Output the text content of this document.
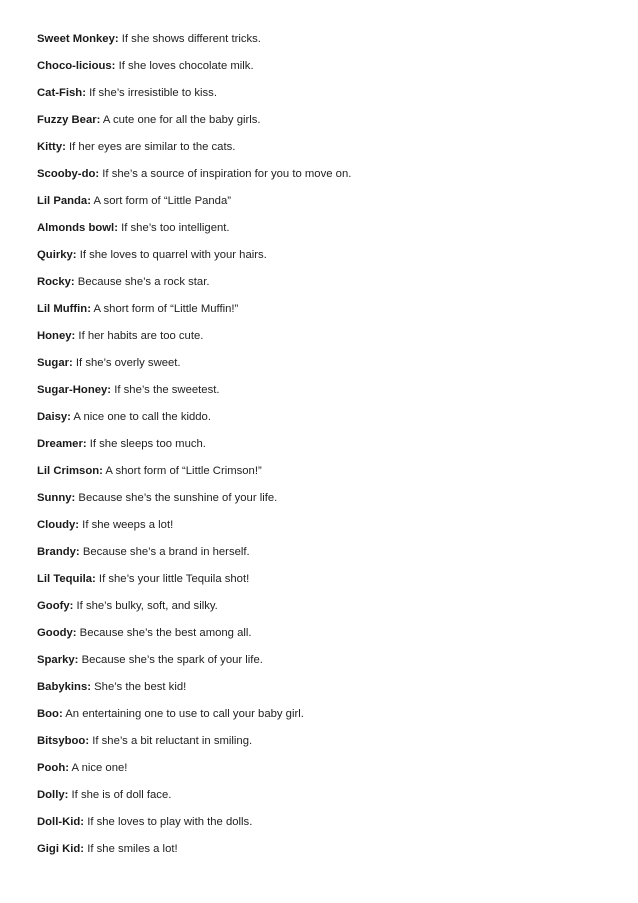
Sweet Monkey: If she shows different tricks.
Choco-licious: If she loves chocolate milk.
Cat-Fish: If she’s irresistible to kiss.
Fuzzy Bear: A cute one for all the baby girls.
Kitty: If her eyes are similar to the cats.
Scooby-do: If she’s a source of inspiration for you to move on.
Lil Panda: A sort form of “Little Panda”
Almonds bowl: If she’s too intelligent.
Quirky: If she loves to quarrel with your hairs.
Rocky: Because she’s a rock star.
Lil Muffin: A short form of “Little Muffin!”
Honey: If her habits are too cute.
Sugar: If she’s overly sweet.
Sugar-Honey: If she’s the sweetest.
Daisy: A nice one to call the kiddo.
Dreamer: If she sleeps too much.
Lil Crimson: A short form of “Little Crimson!”
Sunny: Because she’s the sunshine of your life.
Cloudy: If she weeps a lot!
Brandy: Because she’s a brand in herself.
Lil Tequila: If she’s your little Tequila shot!
Goofy: If she’s bulky, soft, and silky.
Goody: Because she’s the best among all.
Sparky: Because she’s the spark of your life.
Babykins: She’s the best kid!
Boo: An entertaining one to use to call your baby girl.
Bitsyboo: If she’s a bit reluctant in smiling.
Pooh: A nice one!
Dolly: If she is of doll face.
Doll-Kid: If she loves to play with the dolls.
Gigi Kid: If she smiles a lot!
